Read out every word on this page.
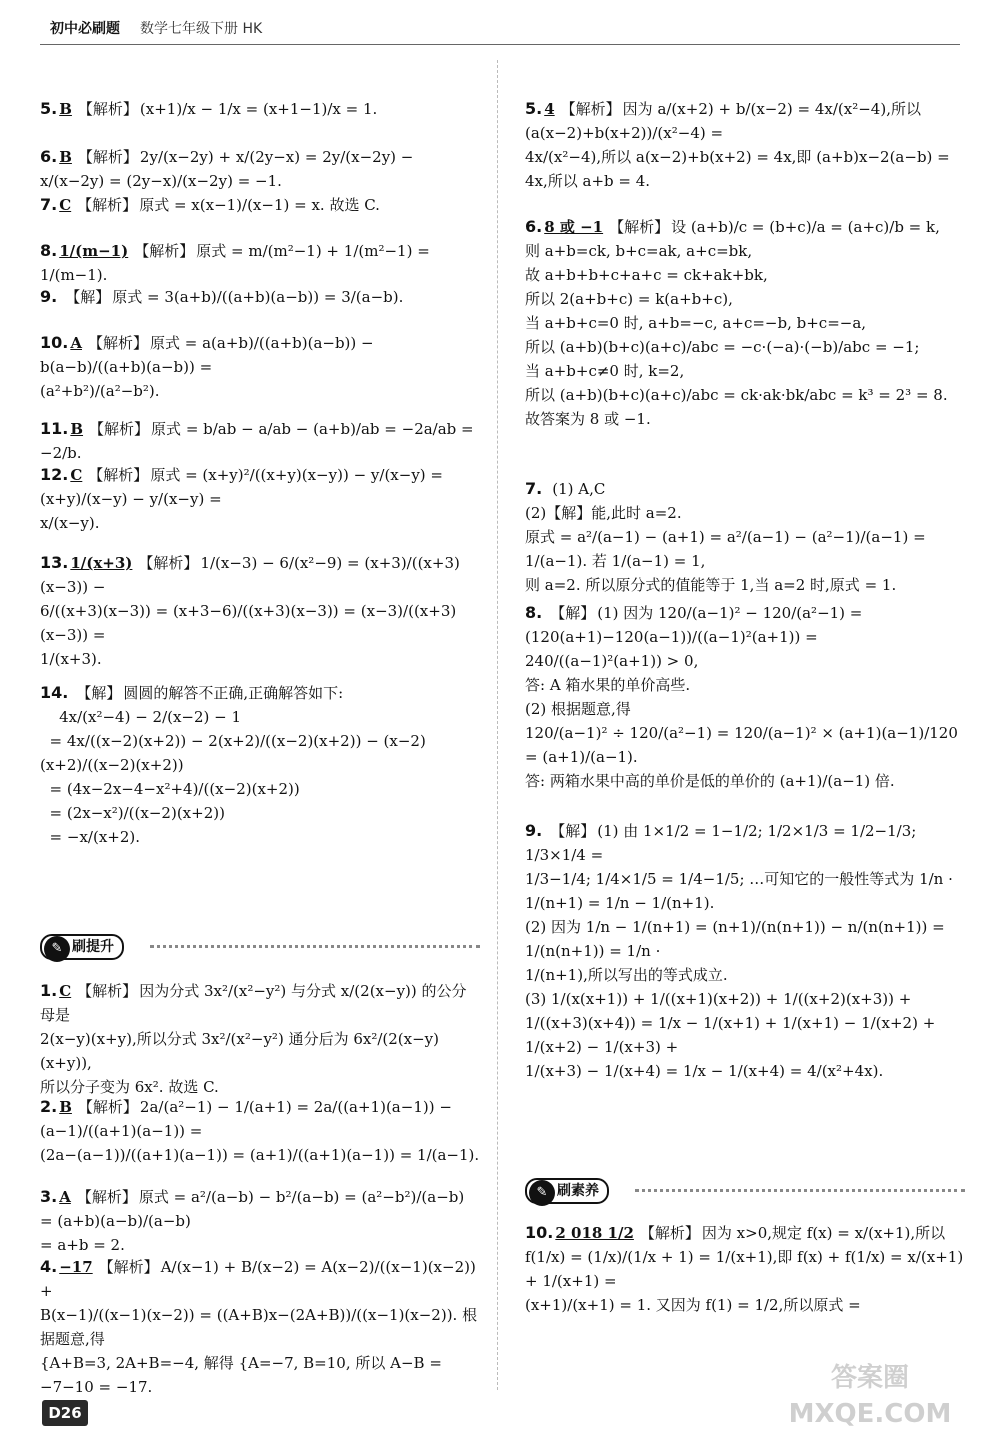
初中必刷题 数学七年级下册 HK
5. B 【解析】 (x+1)/x − 1/x = (x+1−1)/x = 1.
6. B 【解析】 2y/(x−2y) + x/(2y−x) = 2y/(x−2y) − x/(x−2y) = (2y−x)/(x−2y) = −1.
7. C 【解析】 原式 = x(x−1)/(x−1) = x. 故选 C.
8. 1/(m−1) 【解析】 原式 = m/(m²−1) + 1/(m²−1) = 1/(m−1).
9. 【解】 原式 = 3(a+b)/((a+b)(a−b)) = 3/(a−b).
10. A 【解析】 原式 = a(a+b)/((a+b)(a−b)) − b(a−b)/((a+b)(a−b)) =
(a²+b²)/(a²−b²).
11. B 【解析】 原式 = b/ab − a/ab − (a+b)/ab = −2a/ab = −2/b.
12. C 【解析】 原式 = (x+y)²/((x+y)(x−y)) − y/(x−y) = (x+y)/(x−y) − y/(x−y) =
x/(x−y).
13. 1/(x+3) 【解析】 1/(x−3) − 6/(x²−9) = (x+3)/((x+3)(x−3)) −
6/((x+3)(x−3)) = (x+3−6)/((x+3)(x−3)) = (x−3)/((x+3)(x−3)) =
1/(x+3).
14. 【解】 圆圆的解答不正确,正确解答如下:
4x/(x²−4) − 2/(x−2) − 1
= 4x/((x−2)(x+2)) − 2(x+2)/((x−2)(x+2)) − (x−2)(x+2)/((x−2)(x+2))
= (4x−2x−4−x²+4)/((x−2)(x+2))
= (2x−x²)/((x−2)(x+2))
= −x/(x+2).
✎ 刷提升
1. C 【解析】 因为分式 3x²/(x²−y²) 与分式 x/(2(x−y)) 的公分母是
2(x−y)(x+y),所以分式 3x²/(x²−y²) 通分后为 6x²/(2(x−y)(x+y)),
所以分子变为 6x². 故选 C.
2. B 【解析】 2a/(a²−1) − 1/(a+1) = 2a/((a+1)(a−1)) − (a−1)/((a+1)(a−1)) =
(2a−(a−1))/((a+1)(a−1)) = (a+1)/((a+1)(a−1)) = 1/(a−1).
3. A 【解析】 原式 = a²/(a−b) − b²/(a−b) = (a²−b²)/(a−b) = (a+b)(a−b)/(a−b)
= a+b = 2.
4. −17 【解析】 A/(x−1) + B/(x−2) = A(x−2)/((x−1)(x−2)) +
B(x−1)/((x−1)(x−2)) = ((A+B)x−(2A+B))/((x−1)(x−2)). 根据题意,得
{A+B=3, 2A+B=−4, 解得 {A=−7, B=10, 所以 A−B = −7−10 = −17.
5. 4 【解析】 因为 a/(x+2) + b/(x−2) = 4x/(x²−4),所以 (a(x−2)+b(x+2))/(x²−4) =
4x/(x²−4),所以 a(x−2)+b(x+2) = 4x,即 (a+b)x−2(a−b) =
4x,所以 a+b = 4.
6. 8 或 −1 【解析】 设 (a+b)/c = (b+c)/a = (a+c)/b = k,
则 a+b=ck, b+c=ak, a+c=bk,
故 a+b+b+c+a+c = ck+ak+bk,
所以 2(a+b+c) = k(a+b+c),
当 a+b+c=0 时, a+b=−c, a+c=−b, b+c=−a,
所以 (a+b)(b+c)(a+c)/abc = −c·(−a)·(−b)/abc = −1;
当 a+b+c≠0 时, k=2,
所以 (a+b)(b+c)(a+c)/abc = ck·ak·bk/abc = k³ = 2³ = 8.
故答案为 8 或 −1.
7. (1) A,C
(2)【解】能,此时 a=2.
原式 = a²/(a−1) − (a+1) = a²/(a−1) − (a²−1)/(a−1) = 1/(a−1). 若 1/(a−1) = 1,
则 a=2. 所以原分式的值能等于 1,当 a=2 时,原式 = 1.
8. 【解】 (1) 因为 120/(a−1)² − 120/(a²−1) = (120(a+1)−120(a−1))/((a−1)²(a+1)) =
240/((a−1)²(a+1)) > 0,
答: A 箱水果的单价高些.
(2) 根据题意,得
120/(a−1)² ÷ 120/(a²−1) = 120/(a−1)² × (a+1)(a−1)/120 = (a+1)/(a−1).
答: 两箱水果中高的单价是低的单价的 (a+1)/(a−1) 倍.
9. 【解】 (1) 由 1×1/2 = 1−1/2; 1/2×1/3 = 1/2−1/3; 1/3×1/4 =
1/3−1/4; 1/4×1/5 = 1/4−1/5; …可知它的一般性等式为 1/n ·
1/(n+1) = 1/n − 1/(n+1).
(2) 因为 1/n − 1/(n+1) = (n+1)/(n(n+1)) − n/(n(n+1)) = 1/(n(n+1)) = 1/n ·
1/(n+1),所以写出的等式成立.
(3) 1/(x(x+1)) + 1/((x+1)(x+2)) + 1/((x+2)(x+3)) +
1/((x+3)(x+4)) = 1/x − 1/(x+1) + 1/(x+1) − 1/(x+2) + 1/(x+2) − 1/(x+3) +
1/(x+3) − 1/(x+4) = 1/x − 1/(x+4) = 4/(x²+4x).
✎ 刷素养
10. 2 018 1/2 【解析】 因为 x>0,规定 f(x) = x/(x+1),所以
f(1/x) = (1/x)/(1/x + 1) = 1/(x+1),即 f(x) + f(1/x) = x/(x+1) + 1/(x+1) =
(x+1)/(x+1) = 1. 又因为 f(1) = 1/2,所以原式 =
D26
答案圈
MXQE.COM
